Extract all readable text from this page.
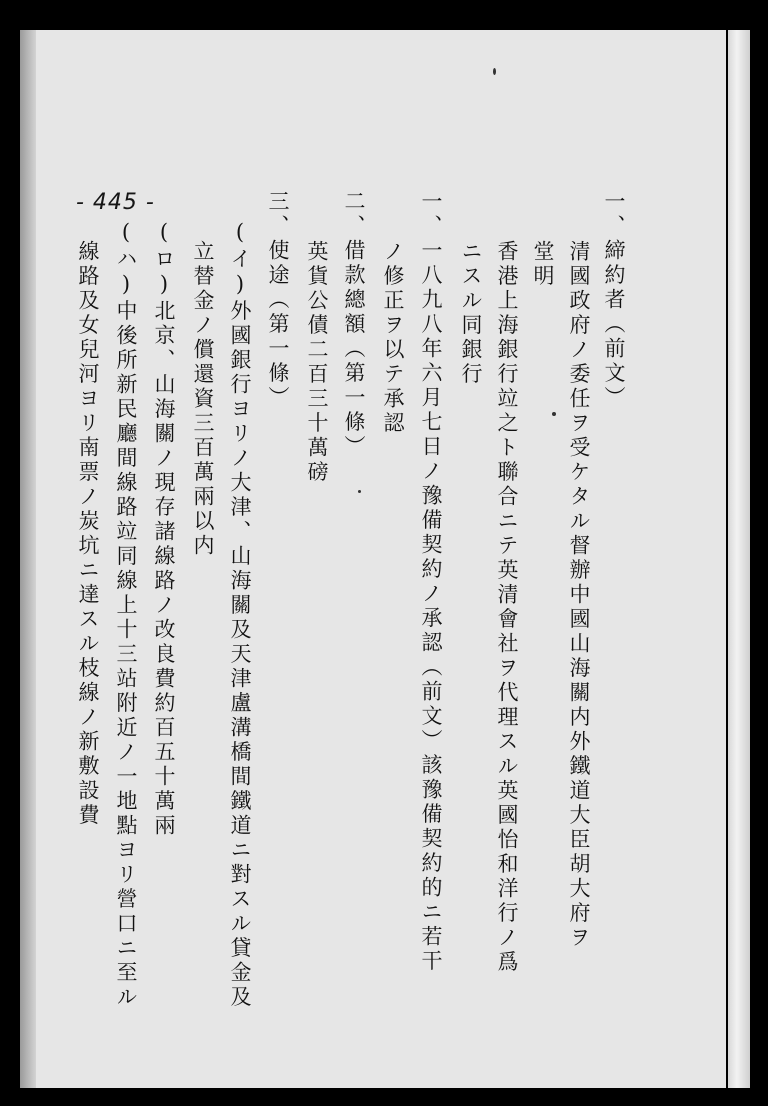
- 445 -	一、締約者（前文）
清國政府ノ委任ヲ受ケタル督辦中國山海關内外鐵道大臣胡大府ヲ
堂明
香港上海銀行竝之ト聯合ニテ英清會社ヲ代理スル英國怡和洋行ノ爲
ニスル同銀行
一、一八九八年六月七日ノ豫備契約ノ承認（前文）該豫備契約的ニ若干
ノ修正ヲ以テ承認
二、借款總額（第一條）
英貨公債二百三十萬磅
三、使途（第一條）
(イ)外國銀行ヨリノ大津、山海關及天津盧溝橋間鐵道ニ對スル貸金及
立替金ノ償還資三百萬兩以内
(ロ)北京、山海關ノ現存諸線路ノ改良費約百五十萬兩
(ハ)中後所新民廳間線路竝同線上十三站附近ノ一地點ヨリ營口ニ至ル
線路及女兒河ヨリ南票ノ炭坑ニ達スル枝線ノ新敷設費
